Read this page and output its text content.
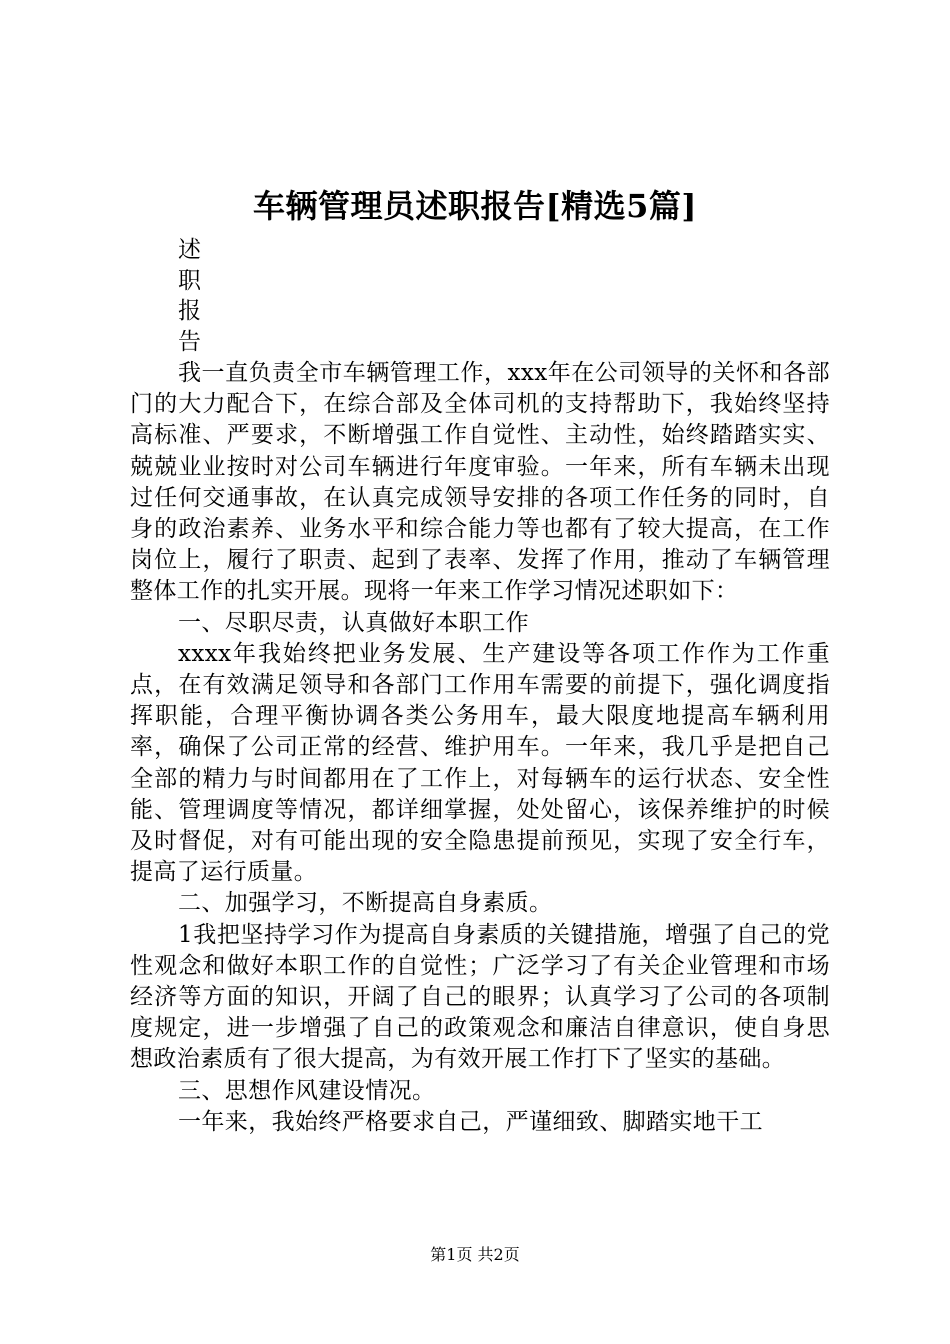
车辆管理员述职报告[精选5篇]
述
职
报
告

我一直负责全市车辆管理工作，xxx年在公司领导的关怀和各部门的大力配合下，在综合部及全体司机的支持帮助下，我始终坚持高标准、严要求，不断增强工作自觉性、主动性，始终踏踏实实、兢兢业业按时对公司车辆进行年度审验。一年来，所有车辆未出现过任何交通事故，在认真完成领导安排的各项工作任务的同时，自身的政治素养、业务水平和综合能力等也都有了较大提高，在工作岗位上，履行了职责、起到了表率、发挥了作用，推动了车辆管理整体工作的扎实开展。现将一年来工作学习情况述职如下：

一、尽职尽责，认真做好本职工作

xxxx年我始终把业务发展、生产建设等各项工作作为工作重点，在有效满足领导和各部门工作用车需要的前提下，强化调度指挥职能，合理平衡协调各类公务用车，最大限度地提高车辆利用率，确保了公司正常的经营、维护用车。一年来，我几乎是把自己全部的精力与时间都用在了工作上，对每辆车的运行状态、安全性能、管理调度等情况，都详细掌握，处处留心，该保养维护的时候及时督促，对有可能出现的安全隐患提前预见，实现了安全行车，提高了运行质量。

二、加强学习，不断提高自身素质。

1我把坚持学习作为提高自身素质的关键措施，增强了自己的党性观念和做好本职工作的自觉性；广泛学习了有关企业管理和市场经济等方面的知识，开阔了自己的眼界；认真学习了公司的各项制度规定，进一步增强了自己的政策观念和廉洁自律意识，使自身思想政治素质有了很大提高，为有效开展工作打下了坚实的基础。

三、思想作风建设情况。

一年来，我始终严格要求自己，严谨细致、脚踏实地干工

第1页 共2页
